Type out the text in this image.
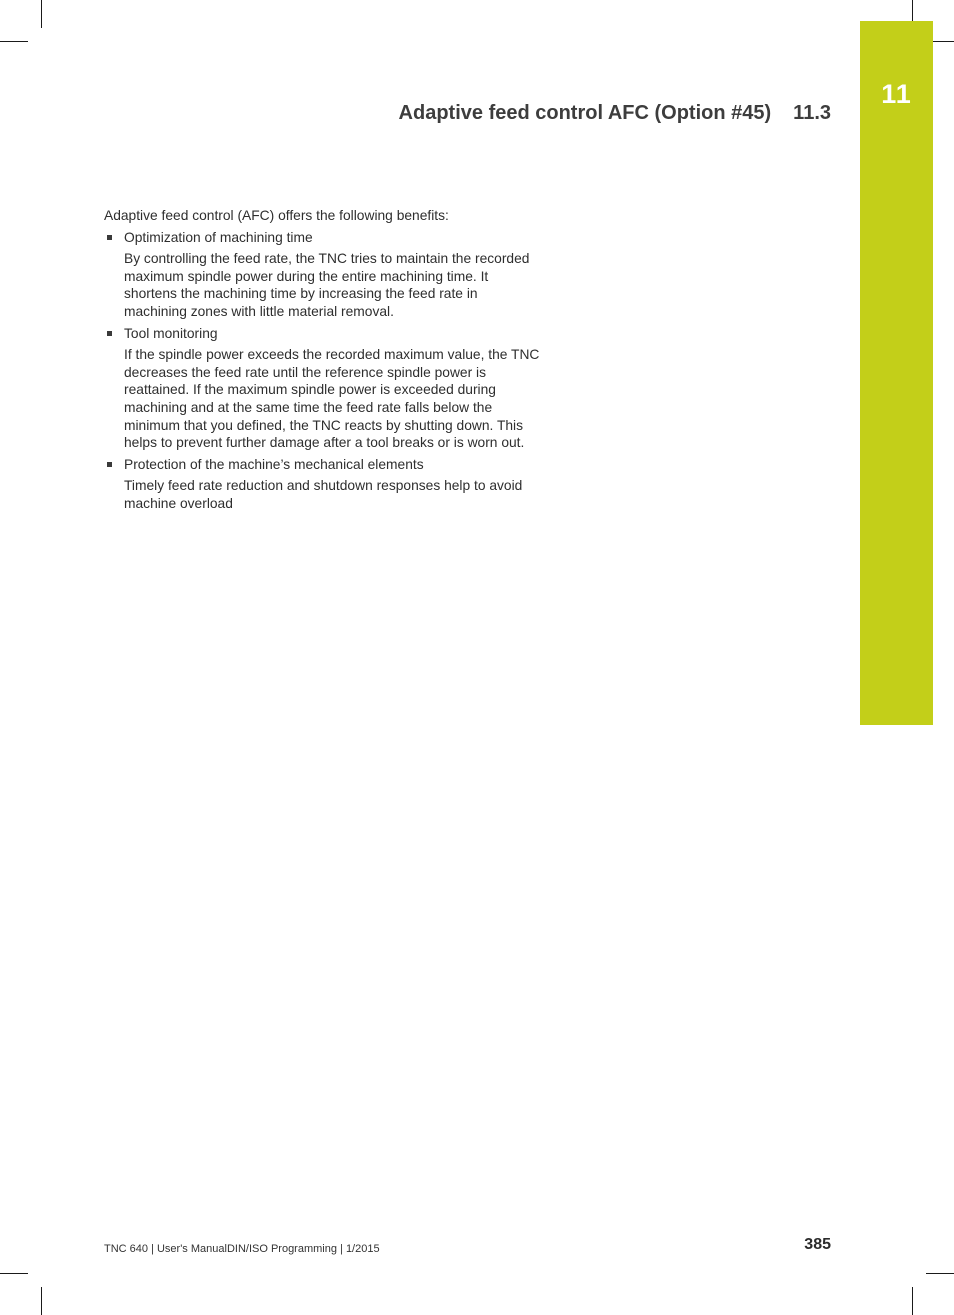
11
Adaptive feed control AFC (Option #45) 11.3

Adaptive feed control (AFC) offers the following benefits:

Optimization of machining time

By controlling the feed rate, the TNC tries to maintain the recorded maximum spindle power during the entire machining time. It shortens the machining time by increasing the feed rate in machining zones with little material removal.

Tool monitoring

If the spindle power exceeds the recorded maximum value, the TNC decreases the feed rate until the reference spindle power is reattained. If the maximum spindle power is exceeded during machining and at the same time the feed rate falls below the minimum that you defined, the TNC reacts by shutting down. This helps to prevent further damage after a tool breaks or is worn out.

Protection of the machine’s mechanical elements

Timely feed rate reduction and shutdown responses help to avoid machine overload

TNC 640 | User's ManualDIN/ISO Programming | 1/2015	385
